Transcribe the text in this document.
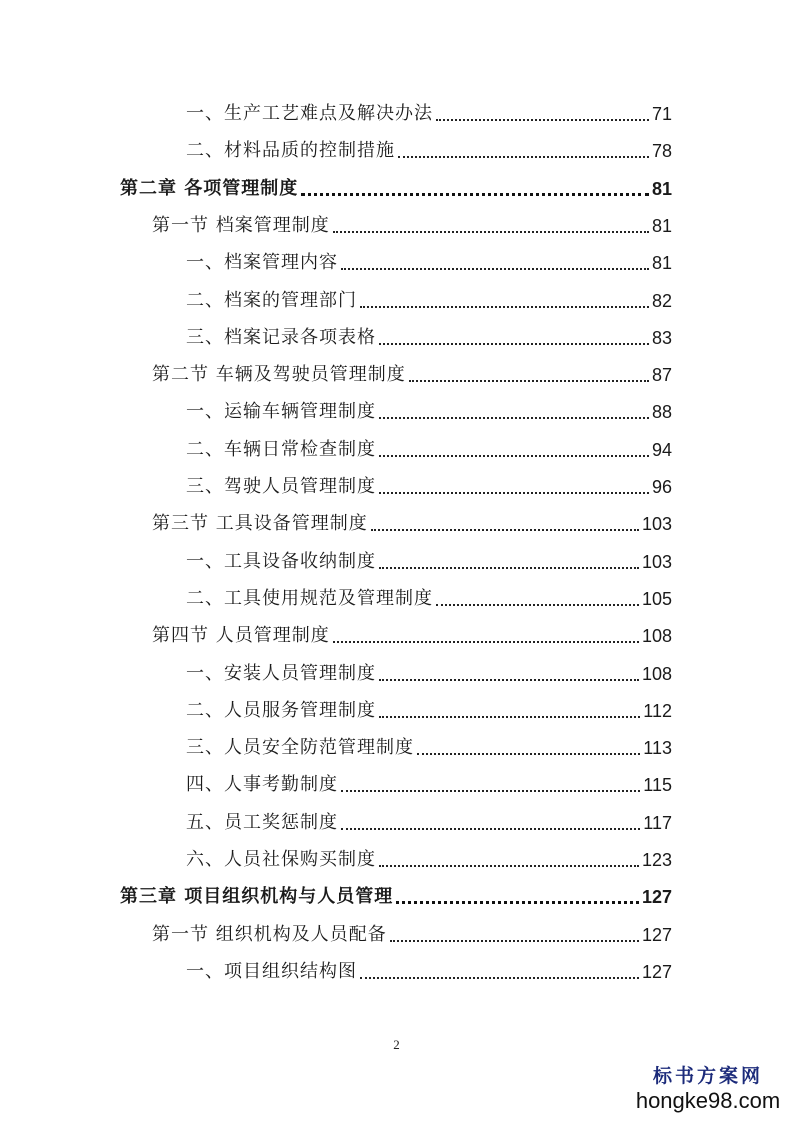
一、生产工艺难点及解决办法	71
二、材料品质的控制措施	78
第二章 各项管理制度	81
第一节 档案管理制度	81
一、档案管理内容	81
二、档案的管理部门	82
三、档案记录各项表格	83
第二节 车辆及驾驶员管理制度	87
一、运输车辆管理制度	88
二、车辆日常检查制度	94
三、驾驶人员管理制度	96
第三节 工具设备管理制度	103
一、工具设备收纳制度	103
二、工具使用规范及管理制度	105
第四节 人员管理制度	108
一、安装人员管理制度	108
二、人员服务管理制度	112
三、人员安全防范管理制度	113
四、人事考勤制度	115
五、员工奖惩制度	117
六、人员社保购买制度	123
第三章 项目组织机构与人员管理	127
第一节 组织机构及人员配备	127
一、项目组织结构图	127
2
标书方案网
hongke98.com
